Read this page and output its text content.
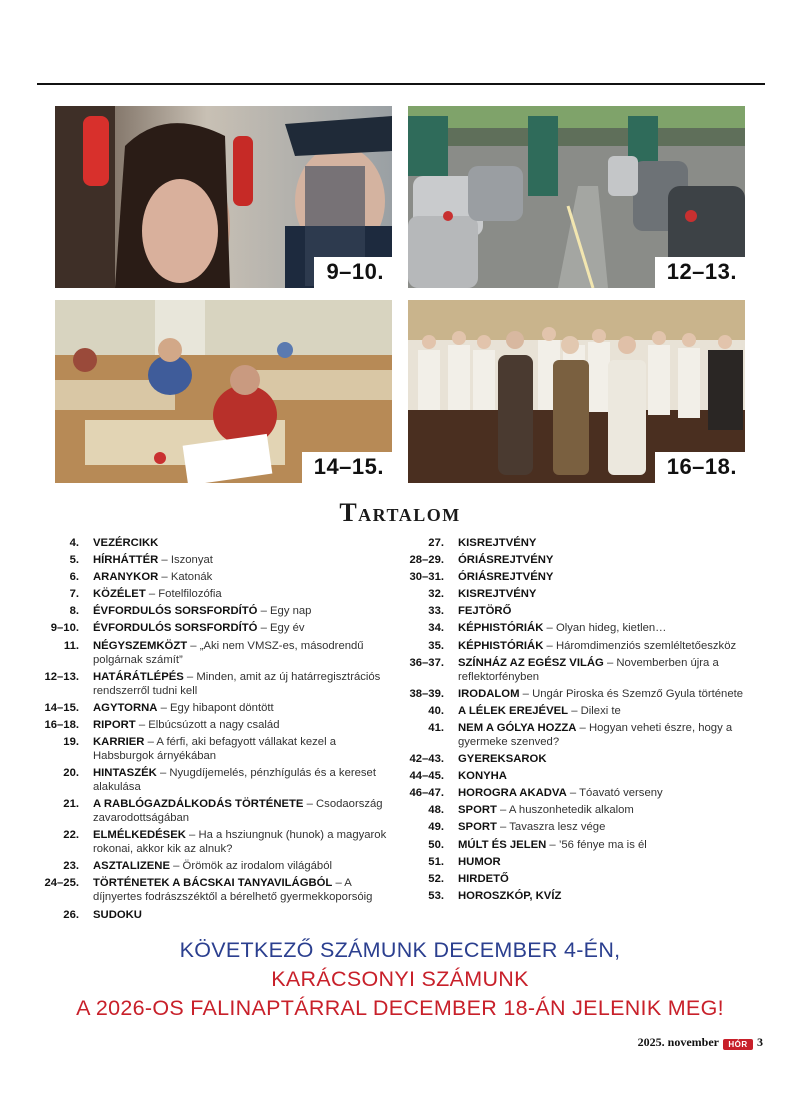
9–10.	12–13.
14–15.	16–18.
Tartalom
4.	VEZÉRCIKK
5.	HÍRHÁTTÉR – Iszonyat
6.	ARANYKOR – Katonák
7.	KÖZÉLET – Fotelfilozófia
8.	ÉVFORDULÓS SORSFORDÍTÓ – Egy nap
9–10.	ÉVFORDULÓS SORSFORDÍTÓ – Egy év
11.	NÉGYSZEMKÖZT – „Aki nem VMSZ-es, másodrendű polgárnak számít”
12–13.	HATÁRÁTLÉPÉS – Minden, amit az új határregisztrációs rendszerről tudni kell
14–15.	AGYTORNA – Egy hibapont döntött
16–18.	RIPORT – Elbúcsúzott a nagy család
19.	KARRIER – A férfi, aki befagyott vállakat kezel a Habsburgok árnyékában
20.	HINTASZÉK – Nyugdíjemelés, pénzhígulás és a kereset alakulása
21.	A RABLÓGAZDÁLKODÁS TÖRTÉNETE – Csodaország zavarodottságában
22.	ELMÉLKEDÉSEK – Ha a hsziungnuk (hunok) a magyarok rokonai, akkor kik az alnuk?
23.	ASZTALIZENE – Örömök az irodalom világából
24–25.	TÖRTÉNETEK A BÁCSKAI TANYAVILÁGBÓL – A díjnyertes fodrászszéktől a bérelhető gyermekkoporsóig
26.	SUDOKU
27.	KISREJTVÉNY
28–29.	ÓRIÁSREJTVÉNY
30–31.	ÓRIÁSREJTVÉNY
32.	KISREJTVÉNY
33.	FEJTÖRŐ
34.	KÉPHISTÓRIÁK – Olyan hideg, kietlen…
35.	KÉPHISTÓRIÁK – Háromdimenziós szemléltetőeszköz
36–37.	SZÍNHÁZ AZ EGÉSZ VILÁG – Novemberben újra a reflektorfényben
38–39.	IRODALOM – Ungár Piroska és Szemző Gyula története
40.	A LÉLEK EREJÉVEL – Dilexi te
41.	NEM A GÓLYA HOZZA – Hogyan veheti észre, hogy a gyermeke szenved?
42–43.	GYEREKSAROK
44–45.	KONYHA
46–47.	HOROGRA AKADVA – Tóavató verseny
48.	SPORT – A huszonhetedik alkalom
49.	SPORT – Tavaszra lesz vége
50.	MÚLT ÉS JELEN – ’56 fénye ma is él
51.	HUMOR
52.	HIRDETŐ
53.	HOROSZKÓP, KVÍZ
KÖVETKEZŐ SZÁMUNK DECEMBER 4-ÉN,
KARÁCSONYI SZÁMUNK
A 2026-OS FALINAPTÁRRAL DECEMBER 18-ÁN JELENIK MEG!
2025. november	HÓR 3
